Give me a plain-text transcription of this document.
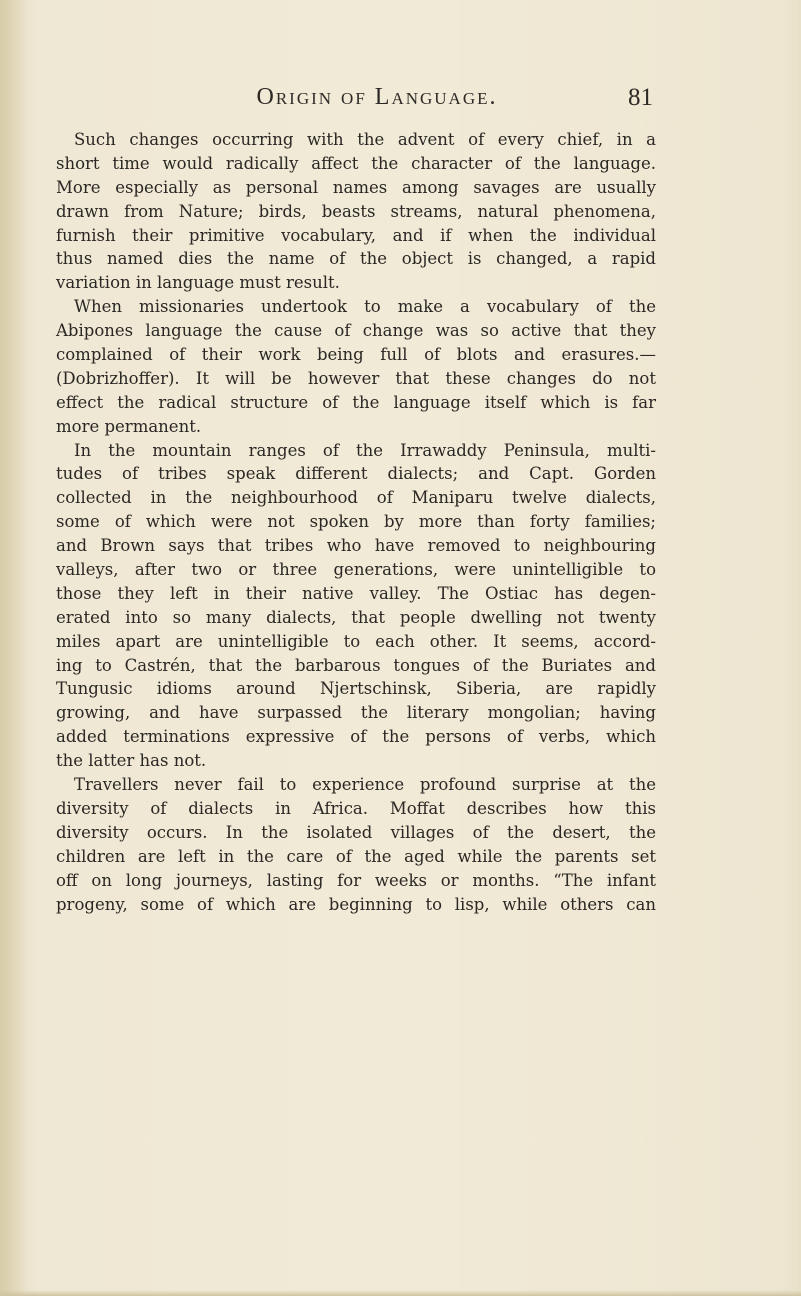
Origin of Language.	81
Such changes occurring with the advent of every chief, in a
short time would radically affect the character of the language.
More especially as personal names among savages are usually
drawn from Nature; birds, beasts streams, natural phenomena,
furnish their primitive vocabulary, and if when the individual
thus named dies the name of the object is changed, a rapid
variation in language must result.
When missionaries undertook to make a vocabulary of the
Abipones language the cause of change was so active that they
complained of their work being full of blots and erasures.—
(Dobrizhoffer). It will be however that these changes do not
effect the radical structure of the language itself which is far
more permanent.
In the mountain ranges of the Irrawaddy Peninsula, multi-
tudes of tribes speak different dialects; and Capt. Gorden
collected in the neighbourhood of Maniparu twelve dialects,
some of which were not spoken by more than forty families;
and Brown says that tribes who have removed to neighbouring
valleys, after two or three generations, were unintelligible to
those they left in their native valley. The Ostiac has degen-
erated into so many dialects, that people dwelling not twenty
miles apart are unintelligible to each other. It seems, accord-
ing to Castrén, that the barbarous tongues of the Buriates and
Tungusic idioms around Njertschinsk, Siberia, are rapidly
growing, and have surpassed the literary mongolian; having
added terminations expressive of the persons of verbs, which
the latter has not.
Travellers never fail to experience profound surprise at the
diversity of dialects in Africa. Moffat describes how this
diversity occurs. In the isolated villages of the desert, the
children are left in the care of the aged while the parents set
off on long journeys, lasting for weeks or months. “The infant
progeny, some of which are beginning to lisp, while others can
